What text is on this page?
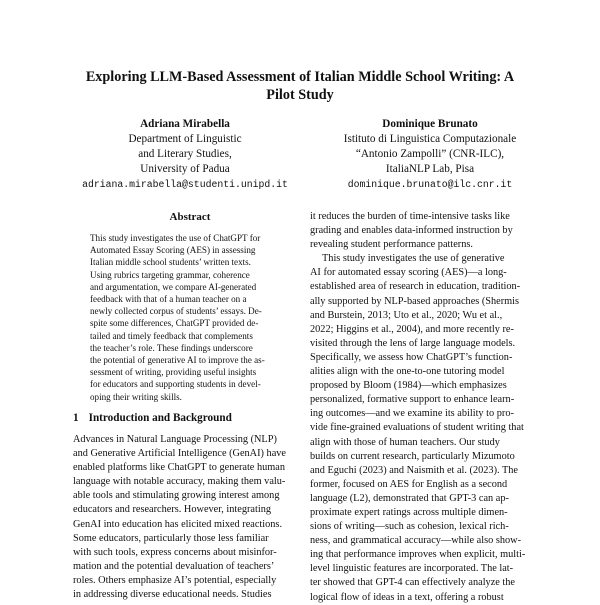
Exploring LLM-Based Assessment of Italian Middle School Writing: A
Pilot Study
Adriana Mirabella
Department of Linguistic
and Literary Studies,
University of Padua
adriana.mirabella@studenti.unipd.it
Dominique Brunato
Istituto di Linguistica Computazionale
“Antonio Zampolli” (CNR-ILC),
ItaliaNLP Lab, Pisa
dominique.brunato@ilc.cnr.it
Abstract
This study investigates the use of ChatGPT for
Automated Essay Scoring (AES) in assessing
Italian middle school students’ written texts.
Using rubrics targeting grammar, coherence
and argumentation, we compare AI-generated
feedback with that of a human teacher on a
newly collected corpus of students’ essays. De-
spite some differences, ChatGPT provided de-
tailed and timely feedback that complements
the teacher’s role. These findings underscore
the potential of generative AI to improve the as-
sessment of writing, providing useful insights
for educators and supporting students in devel-
oping their writing skills.
1 Introduction and Background
Advances in Natural Language Processing (NLP)
and Generative Artificial Intelligence (GenAI) have
enabled platforms like ChatGPT to generate human
language with notable accuracy, making them valu-
able tools and stimulating growing interest among
educators and researchers. However, integrating
GenAI into education has elicited mixed reactions.
Some educators, particularly those less familiar
with such tools, express concerns about misinfor-
mation and the potential devaluation of teachers’
roles. Others emphasize AI’s potential, especially
in addressing diverse educational needs. Studies
it reduces the burden of time-intensive tasks like
grading and enables data-informed instruction by
revealing student performance patterns.
This study investigates the use of generative
AI for automated essay scoring (AES)—a long-
established area of research in education, tradition-
ally supported by NLP-based approaches (Shermis
and Burstein, 2013; Uto et al., 2020; Wu et al.,
2022; Higgins et al., 2004), and more recently re-
visited through the lens of large language models.
Specifically, we assess how ChatGPT’s function-
alities align with the one-to-one tutoring model
proposed by Bloom (1984)—which emphasizes
personalized, formative support to enhance learn-
ing outcomes—and we examine its ability to pro-
vide fine-grained evaluations of student writing that
align with those of human teachers. Our study
builds on current research, particularly Mizumoto
and Eguchi (2023) and Naismith et al. (2023). The
former, focused on AES for English as a second
language (L2), demonstrated that GPT-3 can ap-
proximate expert ratings across multiple dimen-
sions of writing—such as cohesion, lexical rich-
ness, and grammatical accuracy—while also show-
ing that performance improves when explicit, multi-
level linguistic features are incorporated. The lat-
ter showed that GPT-4 can effectively analyze the
logical flow of ideas in a text, offering a robust
